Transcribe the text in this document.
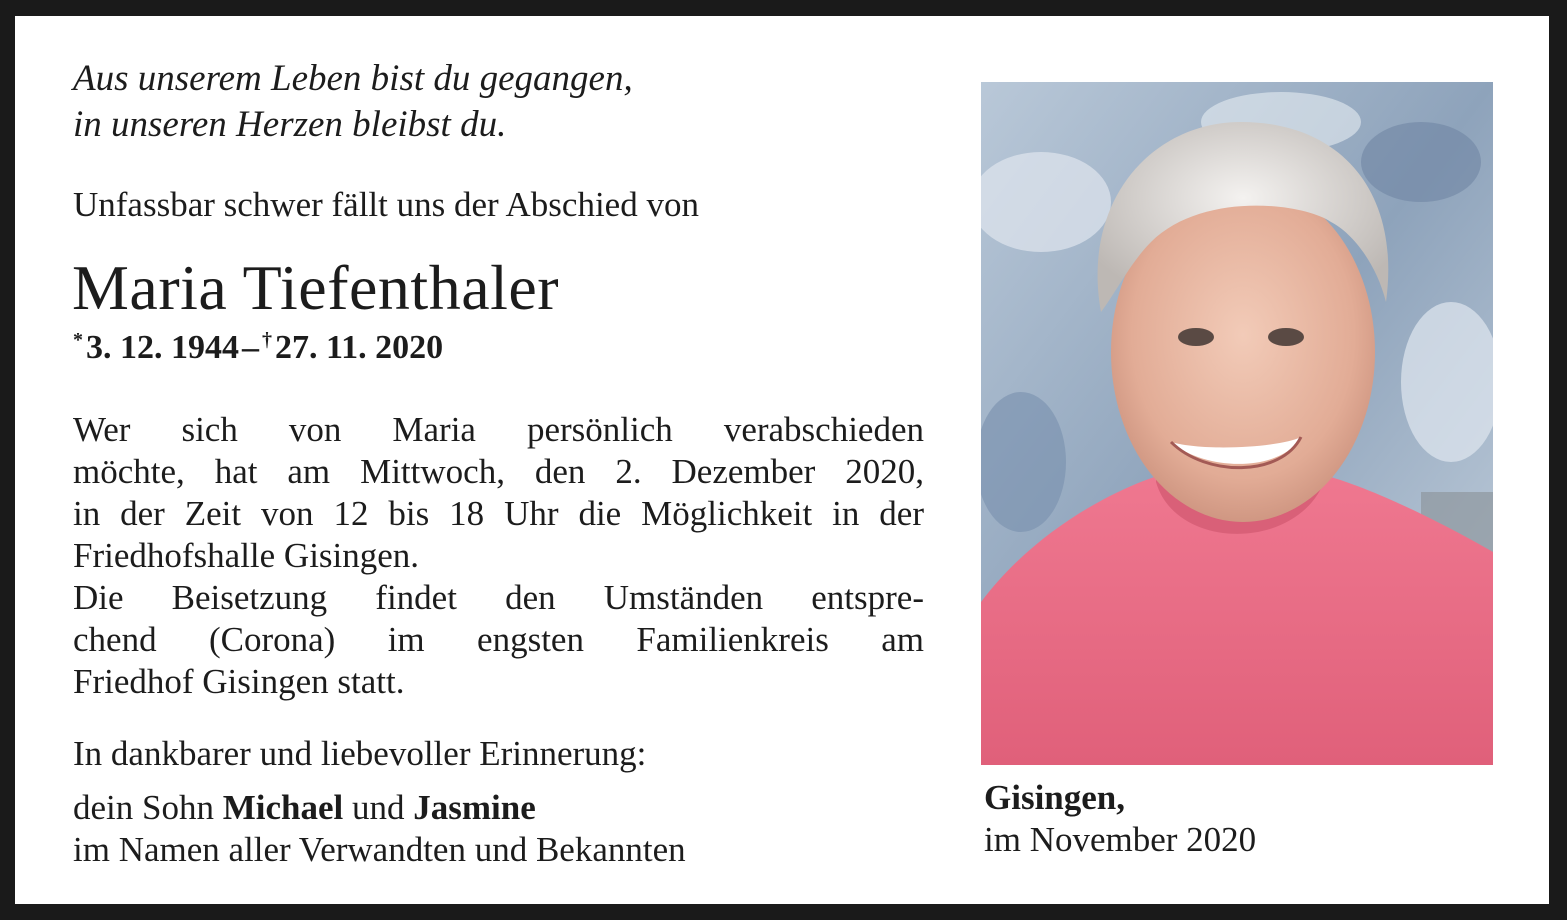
Aus unserem Leben bist du gegangen,
in unseren Herzen bleibst du.
Unfassbar schwer fällt uns der Abschied von
Maria Tiefenthaler
*3. 12. 1944– †27. 11. 2020
Wer sich von Maria persönlich verabschieden
möchte, hat am Mittwoch, den 2. Dezember 2020,
in der Zeit von 12 bis 18 Uhr die Möglichkeit in der
Friedhofshalle Gisingen.
Die Beisetzung findet den Umständen entspre-
chend (Corona) im engsten Familienkreis am
Friedhof Gisingen statt.
In dankbarer und liebevoller Erinnerung:
dein Sohn Michael und Jasmine
im Namen aller Verwandten und Bekannten
Gisingen,
im November 2020
